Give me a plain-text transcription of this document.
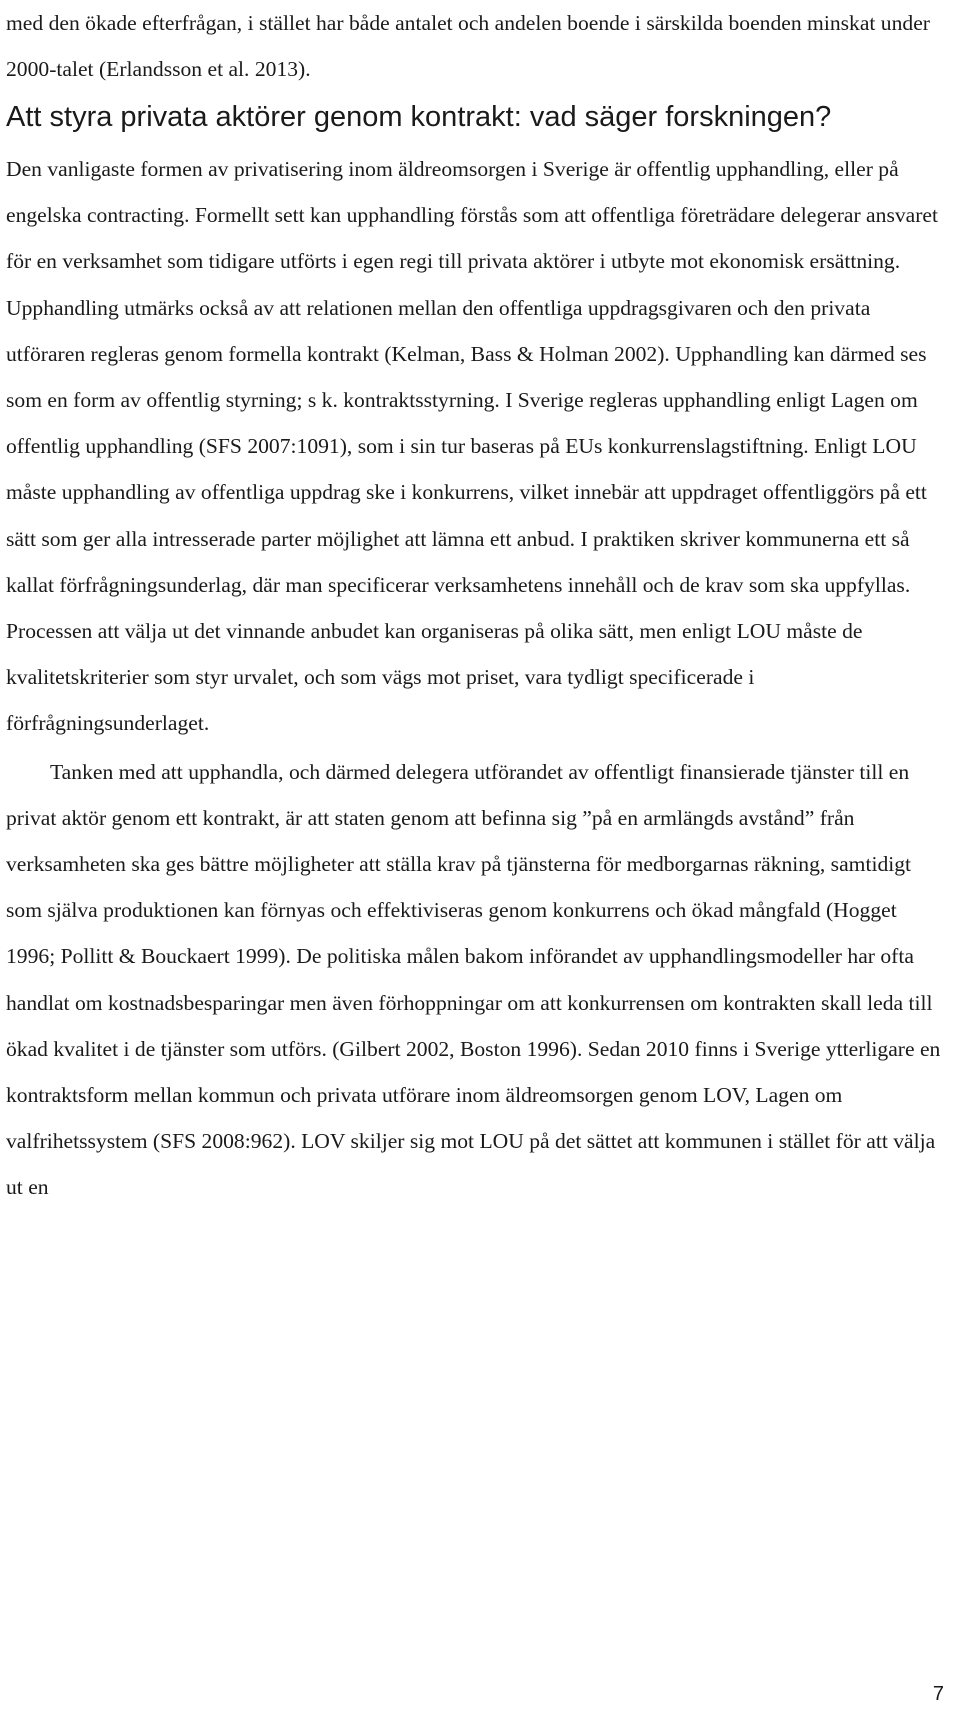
med den ökade efterfrågan, i stället har både antalet och andelen boende i särskilda boenden minskat under 2000-talet (Erlandsson et al. 2013).

Att styra privata aktörer genom kontrakt: vad säger forskningen?

Den vanligaste formen av privatisering inom äldreomsorgen i Sverige är offentlig upphandling, eller på engelska contracting. Formellt sett kan upphandling förstås som att offentliga företrädare delegerar ansvaret för en verksamhet som tidigare utförts i egen regi till privata aktörer i utbyte mot ekonomisk ersättning. Upphandling utmärks också av att relationen mellan den offentliga uppdragsgivaren och den privata utföraren regleras genom formella kontrakt (Kelman, Bass & Holman 2002). Upphandling kan därmed ses som en form av offentlig styrning; s k. kontraktsstyrning. I Sverige regleras upphandling enligt Lagen om offentlig upphandling (SFS 2007:1091), som i sin tur baseras på EUs konkurrenslagstiftning. Enligt LOU måste upphandling av offentliga uppdrag ske i konkurrens, vilket innebär att uppdraget offentliggörs på ett sätt som ger alla intresserade parter möjlighet att lämna ett anbud. I praktiken skriver kommunerna ett så kallat förfrågningsunderlag, där man specificerar verksamhetens innehåll och de krav som ska uppfyllas. Processen att välja ut det vinnande anbudet kan organiseras på olika sätt, men enligt LOU måste de kvalitetskriterier som styr urvalet, och som vägs mot priset, vara tydligt specificerade i förfrågningsunderlaget.

Tanken med att upphandla, och därmed delegera utförandet av offentligt finansierade tjänster till en privat aktör genom ett kontrakt, är att staten genom att befinna sig ”på en armlängds avstånd” från verksamheten ska ges bättre möjligheter att ställa krav på tjänsterna för medborgarnas räkning, samtidigt som själva produktionen kan förnyas och effektiviseras genom konkurrens och ökad mångfald (Hogget 1996; Pollitt & Bouckaert 1999). De politiska målen bakom införandet av upphandlingsmodeller har ofta handlat om kostnadsbesparingar men även förhoppningar om att konkurrensen om kontrakten skall leda till ökad kvalitet i de tjänster som utförs. (Gilbert 2002, Boston 1996). Sedan 2010 finns i Sverige ytterligare en kontraktsform mellan kommun och privata utförare inom äldreomsorgen genom LOV, Lagen om valfrihetssystem (SFS 2008:962). LOV skiljer sig mot LOU på det sättet att kommunen i stället för att välja ut en

7
